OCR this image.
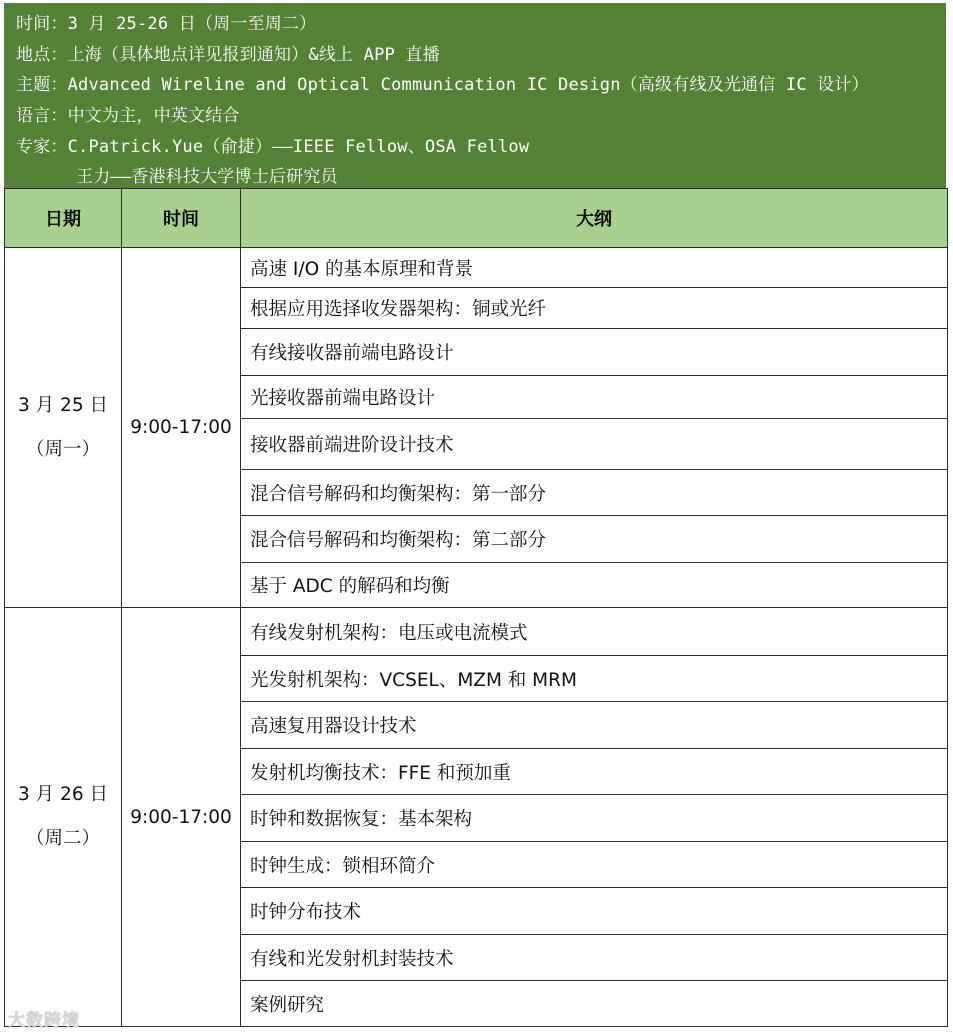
时间：3 月 25-26 日（周一至周二）
地点：上海（具体地点详见报到通知）&线上 APP 直播
主题：Advanced Wireline and Optical Communication IC Design（高级有线及光通信 IC 设计）
语言：中文为主，中英文结合
专家：C.Patrick.Yue（俞捷）——IEEE Fellow、OSA Fellow
王力——香港科技大学博士后研究员
日期	时间	大纲

3 月 25 日
（周一）	9:00-17:00	高速 I/O 的基本原理和背景
		根据应用选择收发器架构：铜或光纤
		有线接收器前端电路设计
		光接收器前端电路设计
		接收器前端进阶设计技术
		混合信号解码和均衡架构：第一部分
		混合信号解码和均衡架构：第二部分
		基于 ADC 的解码和均衡

3 月 26 日
（周二）	9:00-17:00	有线发射机架构：电压或电流模式
		光发射机架构：VCSEL、MZM 和 MRM
		高速复用器设计技术
		发射机均衡技术：FFE 和预加重
		时钟和数据恢复：基本架构
		时钟生成：锁相环简介
		时钟分布技术
		有线和光发射机封装技术
		案例研究
大数跨境
